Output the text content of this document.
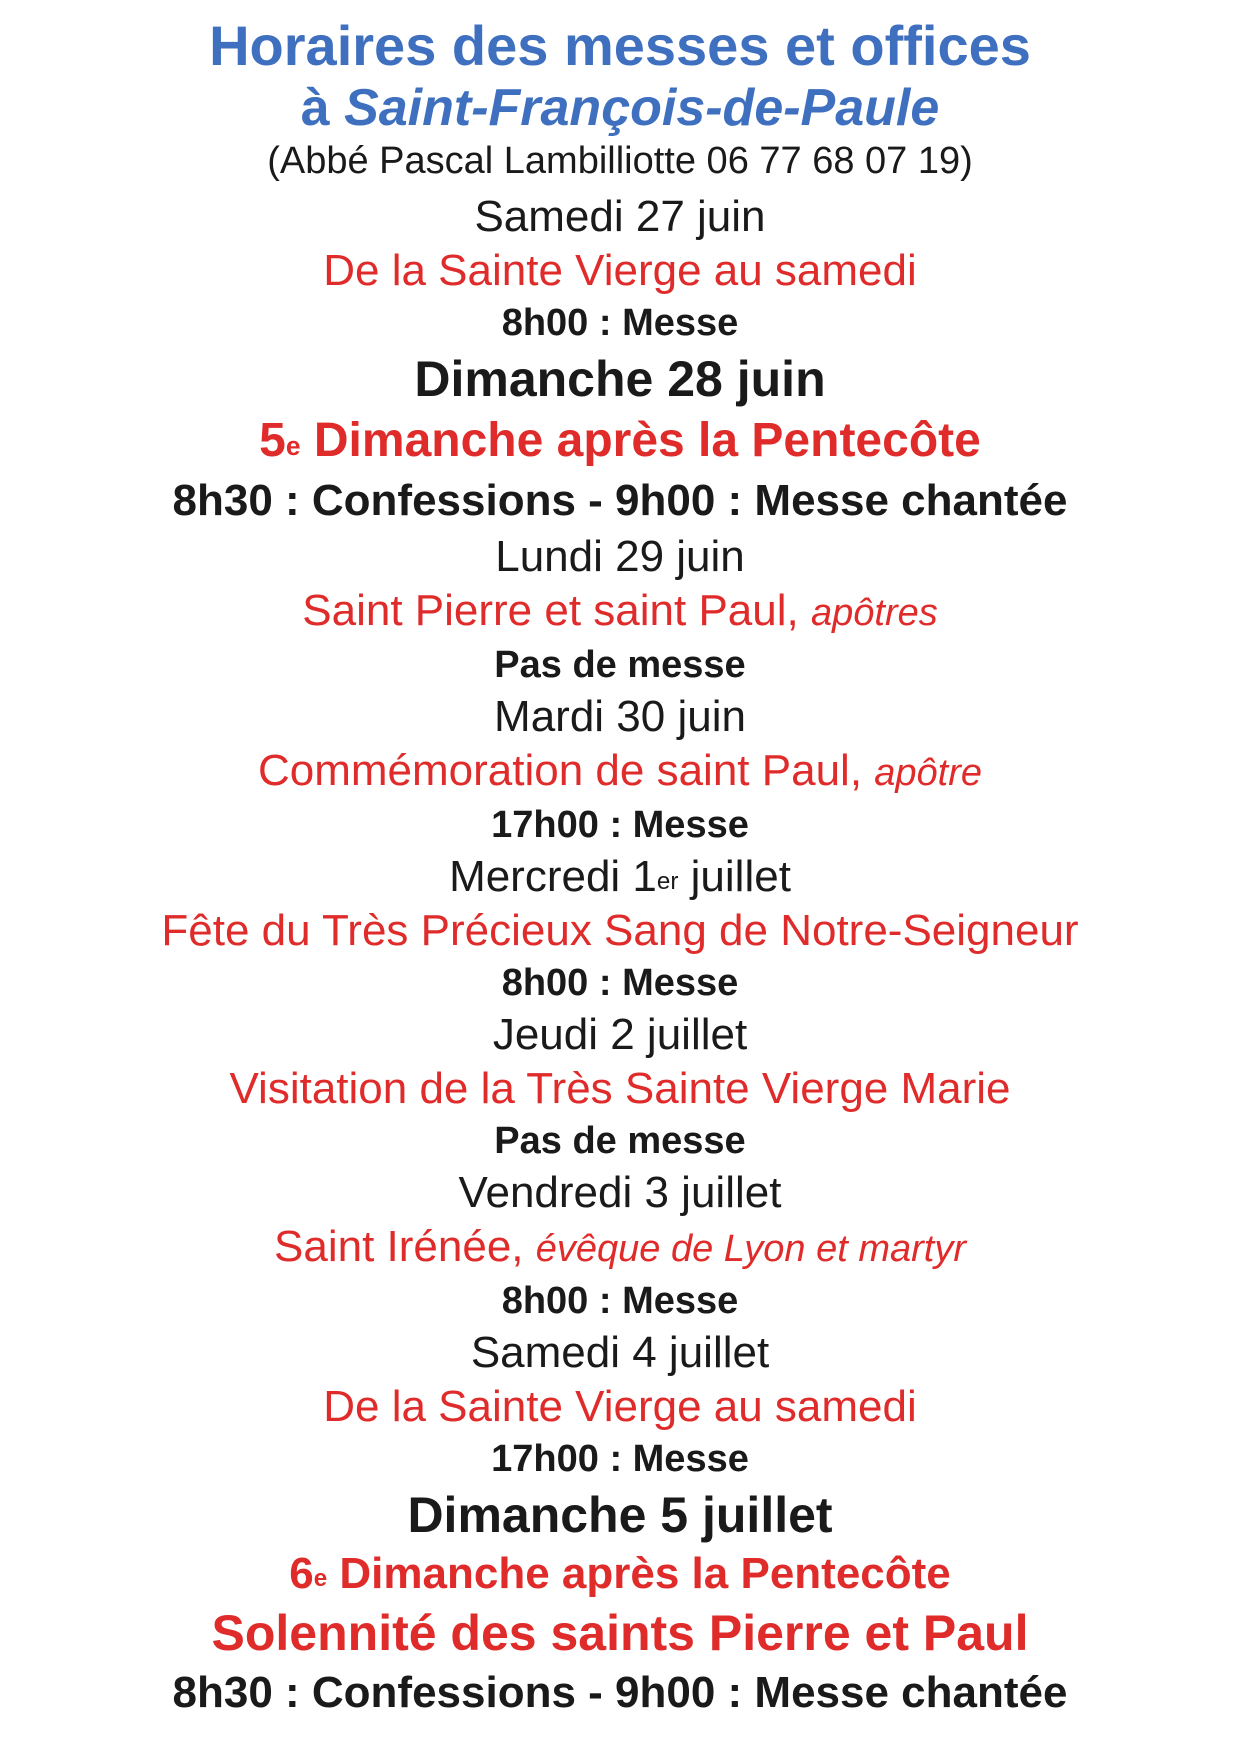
Horaires des messes et offices

à Saint-François-de-Paule

(Abbé Pascal Lambilliotte 06 77 68 07 19)

Samedi 27 juin

De la Sainte Vierge au samedi

8h00 : Messe

Dimanche 28 juin

5e Dimanche après la Pentecôte

8h30 : Confessions - 9h00 : Messe chantée

Lundi 29 juin

Saint Pierre et saint Paul, apôtres

Pas de messe

Mardi 30 juin

Commémoration de saint Paul, apôtre

17h00 : Messe

Mercredi 1er juillet

Fête du Très Précieux Sang de Notre-Seigneur

8h00 : Messe

Jeudi 2 juillet

Visitation de la Très Sainte Vierge Marie

Pas de messe

Vendredi 3 juillet

Saint Irénée, évêque de Lyon et martyr

8h00 : Messe

Samedi 4 juillet

De la Sainte Vierge au samedi

17h00 : Messe

Dimanche 5 juillet

6e Dimanche après la Pentecôte

Solennité des saints Pierre et Paul

8h30 : Confessions - 9h00 : Messe chantée
